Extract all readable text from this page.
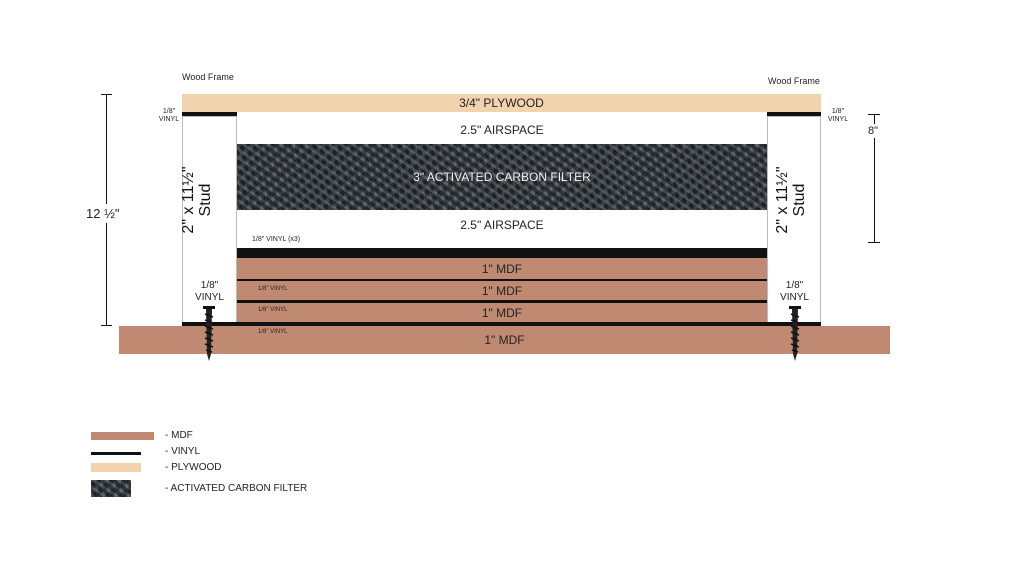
Wood Frame	Wood Frame
3/4" PLYWOOD
1/8"
VINYL
1/8"
VINYL
2" x 11½" Stud	2" x 11½" Stud
1/8"
VINYL
1/8"
VINYL
2.5" AIRSPACE
3" ACTIVATED CARBON FILTER
2.5" AIRSPACE
1/8" VINYL (x3)
1" MDF
1/8" VINYL	1" MDF
1/8" VINYL	1" MDF
1/8" VINYL
1" MDF
12 ½"
8"
- MDF
- VINYL
- PLYWOOD
- ACTIVATED CARBON FILTER
